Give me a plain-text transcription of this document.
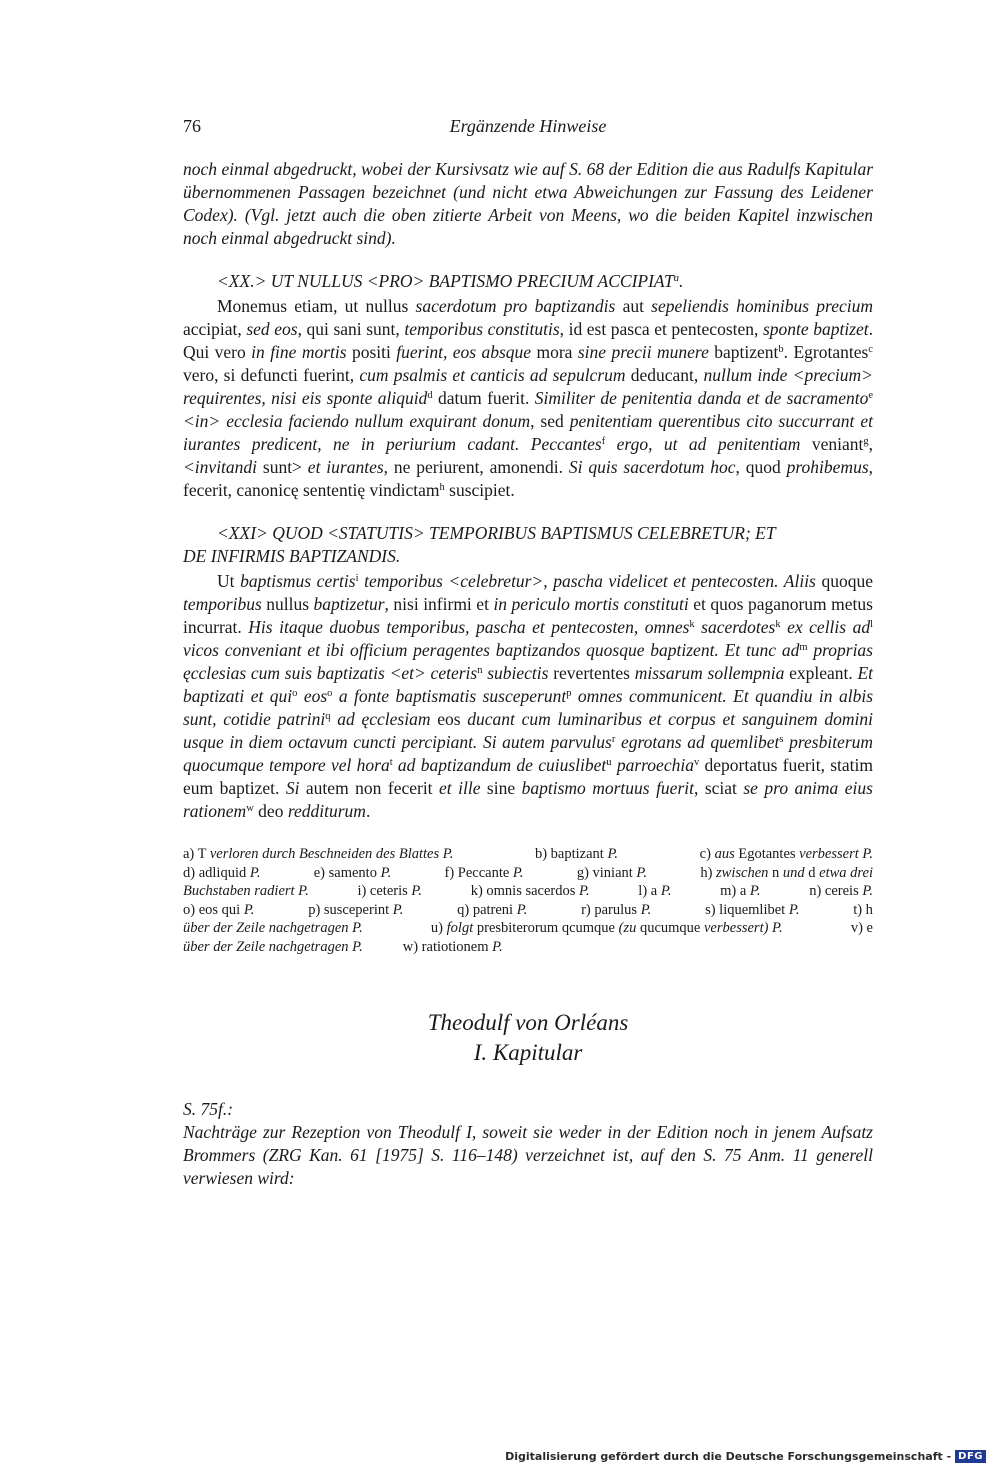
76	Ergänzende Hinweise
noch einmal abgedruckt, wobei der Kursivsatz wie auf S. 68 der Edition die aus Radulfs Kapitular übernommenen Passagen bezeichnet (und nicht etwa Abweichungen zur Fassung des Leidener Codex). (Vgl. jetzt auch die oben zitierte Arbeit von Meens, wo die beiden Kapitel inzwischen noch einmal abgedruckt sind).
<XX.> UT NULLUS <PRO> BAPTISMO PRECIUM ACCIPIAT$^a$.

Monemus etiam, ut nullus sacerdotum pro baptizandis aut sepeliendis hominibus precium accipiat, sed eos, qui sani sunt, temporibus constitutis, id est pasca et pentecosten, sponte baptizet. Qui vero in fine mortis positi fuerint, eos absque mora sine precii munere baptizent$^b$. Egrotantes$^c$ vero, si defuncti fuerint, cum psalmis et canticis ad sepulcrum deducant, nullum inde <precium> requirentes, nisi eis sponte aliquid$^d$ datum fuerit. Similiter de penitentia danda et de sacramento$^e$ <in> ecclesia faciendo nullum exquirant donum, sed penitentiam querentibus cito succurrant et iurantes predicent, ne in periurium cadant. Peccantes$^f$ ergo, ut ad penitentiam veniant$^g$, <invitandi sunt> et iurantes, ne periurent, amonendi. Si quis sacerdotum hoc, quod prohibemus, fecerit, canonicę sententię vindictam$^h$ suscipiet.

<XXI> QUOD <STATUTIS> TEMPORIBUS BAPTISMUS CELEBRETUR; ET
DE INFIRMIS BAPTIZANDIS.

Ut baptismus certis$^i$ temporibus <celebretur>, pascha videlicet et pentecosten. Aliis quoque temporibus nullus baptizetur, nisi infirmi et in periculo mortis constituti et quos paganorum metus incurrat. His itaque duobus temporibus, pascha et pentecosten, omnes$^k$ sacerdotes$^k$ ex cellis $ad^l$ vicos conveniant et ibi officium peragentes baptizandos quosque baptizent. Et tunc $ad^m$ proprias ęcclesias cum suis baptizatis <et> ceteris$^n$ subiectis revertentes missarum sollempnia expleant. Et baptizati et qui$^o$ eos$^o$ a fonte baptismatis susceperunt$^p$ omnes communicent. Et quandiu in albis sunt, cotidie patrini$^q$ ad ęcclesiam eos ducant cum luminaribus et corpus et sanguinem domini usque in diem octavum cuncti percipiant. Si autem parvulus$^r$ egrotans ad quemlibet$^s$ presbiterum quocumque tempore vel hora$^t$ ad baptizandum de cuiuslibet$^u$ parroechia$^v$ deportatus fuerit, statim eum baptizet. Si autem non fecerit et ille sine baptismo mortuus fuerit, sciat se pro anima eius rationem$^w$ deo redditurum.

a) T verloren durch Beschneiden des Blattes P.	b) baptizant P.	c) aus Egotantes verbessert P.
d) adliquid P.	e) samento P.	f) Peccante P.	g) viniant P.	h) zwischen n und d etwa drei
Buchstaben radiert P.	i) ceteris P.	k) omnis sacerdos P.	l) a P.	m) a P.	n) cereis P.
o) eos qui P.	p) susceperint P.	q) patreni P.	r) parulus P.	s) liquemlibet P.	t) h
über der Zeile nachgetragen P.	u) folgt presbiterorum qcumque (zu qucumque verbessert) P.	v) e
über der Zeile nachgetragen P.	w) ratiotionem P.
Theodulf von Orléans
I. Kapitular
S. 75f.:
Nachträge zur Rezeption von Theodulf I, soweit sie weder in der Edition noch in jenem Aufsatz Brommers (ZRG Kan. 61 [1975] S. 116–148) verzeichnet ist, auf den S. 75 Anm. 11 generell verwiesen wird:
Digitalisierung gefördert durch die Deutsche Forschungsgemeinschaft - DFG
